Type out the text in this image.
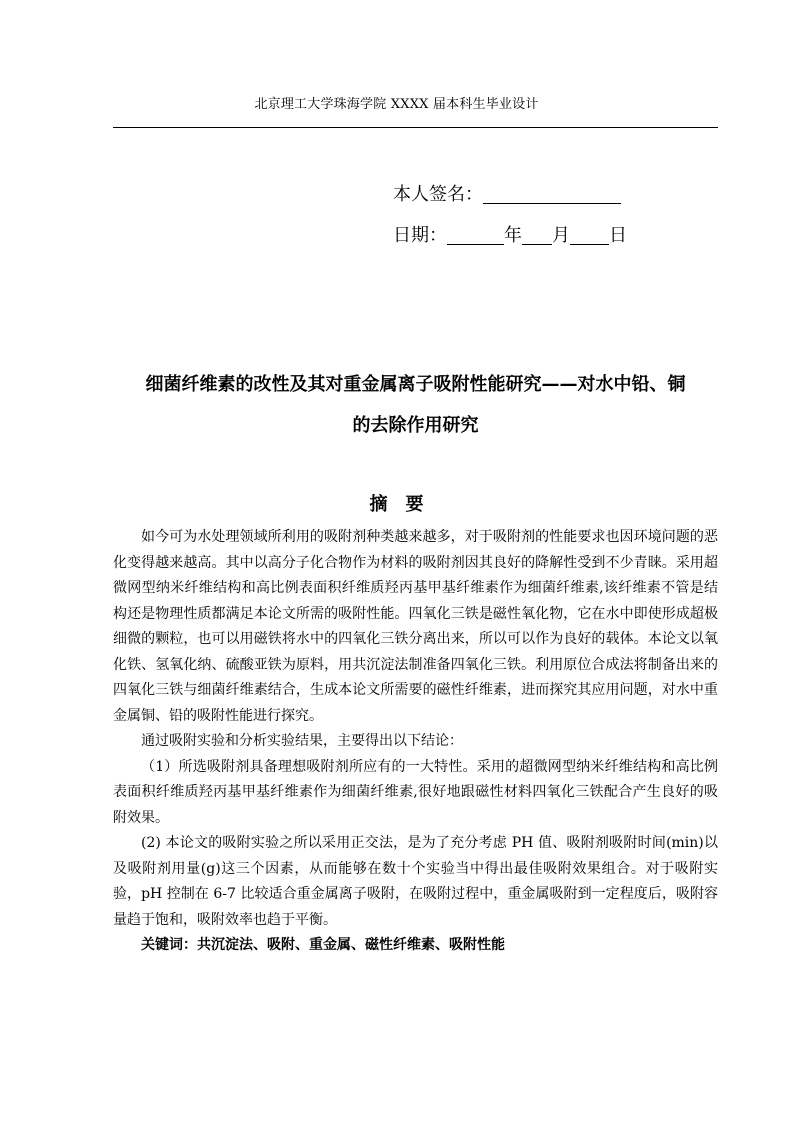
北京理工大学珠海学院 XXXX 届本科生毕业设计
本人签名：
日期：	年 月 日
细菌纤维素的改性及其对重金属离子吸附性能研究——对水中铅、铜
的去除作用研究
摘要

如今可为水处理领域所利用的吸附剂种类越来越多，对于吸附剂的性能要求也因环境问题的恶化变得越来越高。其中以高分子化合物作为材料的吸附剂因其良好的降解性受到不少青睐。采用超微网型纳米纤维结构和高比例表面积纤维质羟丙基甲基纤维素作为细菌纤维素,该纤维素不管是结构还是物理性质都满足本论文所需的吸附性能。四氧化三铁是磁性氧化物，它在水中即使形成超极细微的颗粒，也可以用磁铁将水中的四氧化三铁分离出来，所以可以作为良好的载体。本论文以氧化铁、氢氧化纳、硫酸亚铁为原料，用共沉淀法制准备四氧化三铁。利用原位合成法将制备出来的四氧化三铁与细菌纤维素结合，生成本论文所需要的磁性纤维素，进而探究其应用问题，对水中重金属铜、铅的吸附性能进行探究。

通过吸附实验和分析实验结果，主要得出以下结论：

（1）所选吸附剂具备理想吸附剂所应有的一大特性。采用的超微网型纳米纤维结构和高比例表面积纤维质羟丙基甲基纤维素作为细菌纤维素,很好地跟磁性材料四氧化三铁配合产生良好的吸附效果。

(2) 本论文的吸附实验之所以采用正交法，是为了充分考虑 PH 值、吸附剂吸附时间(min)以及吸附剂用量(g)这三个因素，从而能够在数十个实验当中得出最佳吸附效果组合。对于吸附实验，pH 控制在 6-7 比较适合重金属离子吸附，在吸附过程中，重金属吸附到一定程度后，吸附容量趋于饱和，吸附效率也趋于平衡。

关键词：共沉淀法、吸附、重金属、磁性纤维素、吸附性能
